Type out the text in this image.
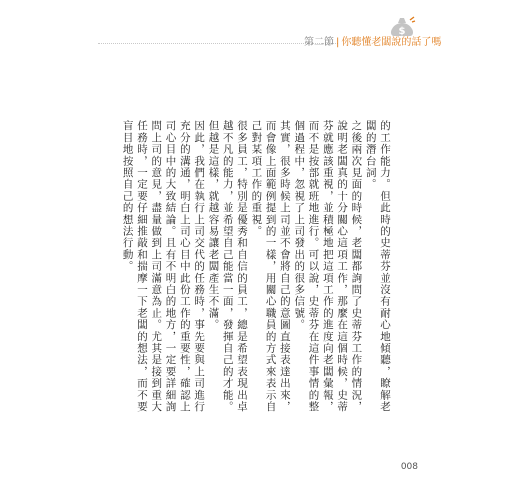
第二節 | 你聽懂老闆說的話了嗎
$

的工作能力。但此時的史蒂芬並沒有耐心地傾聽，瞭解老闆的潛台詞。

之後兩次見面的時候，老闆都詢問了史蒂芬工作的情況，說明老闆真的十分關心這項工作，那麼在這個時候，史蒂芬就應該重視，並積極地把這項工作的進度向老闆彙報，而不是按部就班地進行。可以說，史蒂芬在這件事情的整個過程中，忽視了上司發出的很多信號。

其實，很多時候上司並不會將自己的意圖直接表達出來，而會像上面範例提到的一樣，用關心職員的方式來表示自己對某項工作的重視。

很多員工，特別是優秀和自信的員工，總是希望表現出卓越不凡的能力，並希望自己能當一面，發揮自己的才能。但越是這樣，就越容易讓老闆產生不滿。

因此，我們在執行上司交代的任務時，事先要與上司進行充分的溝通，明白上司心目中此份工作的重要性，確認上司心目中的大致結論。且有不明白的地方，一定要詳細詢問上司的意見，盡量做到上司滿意為止。尤其是接到重大任務時，一定要仔細推敲和揣摩一下老闆的想法，而不要盲目地按照自己的想法行動。

008
